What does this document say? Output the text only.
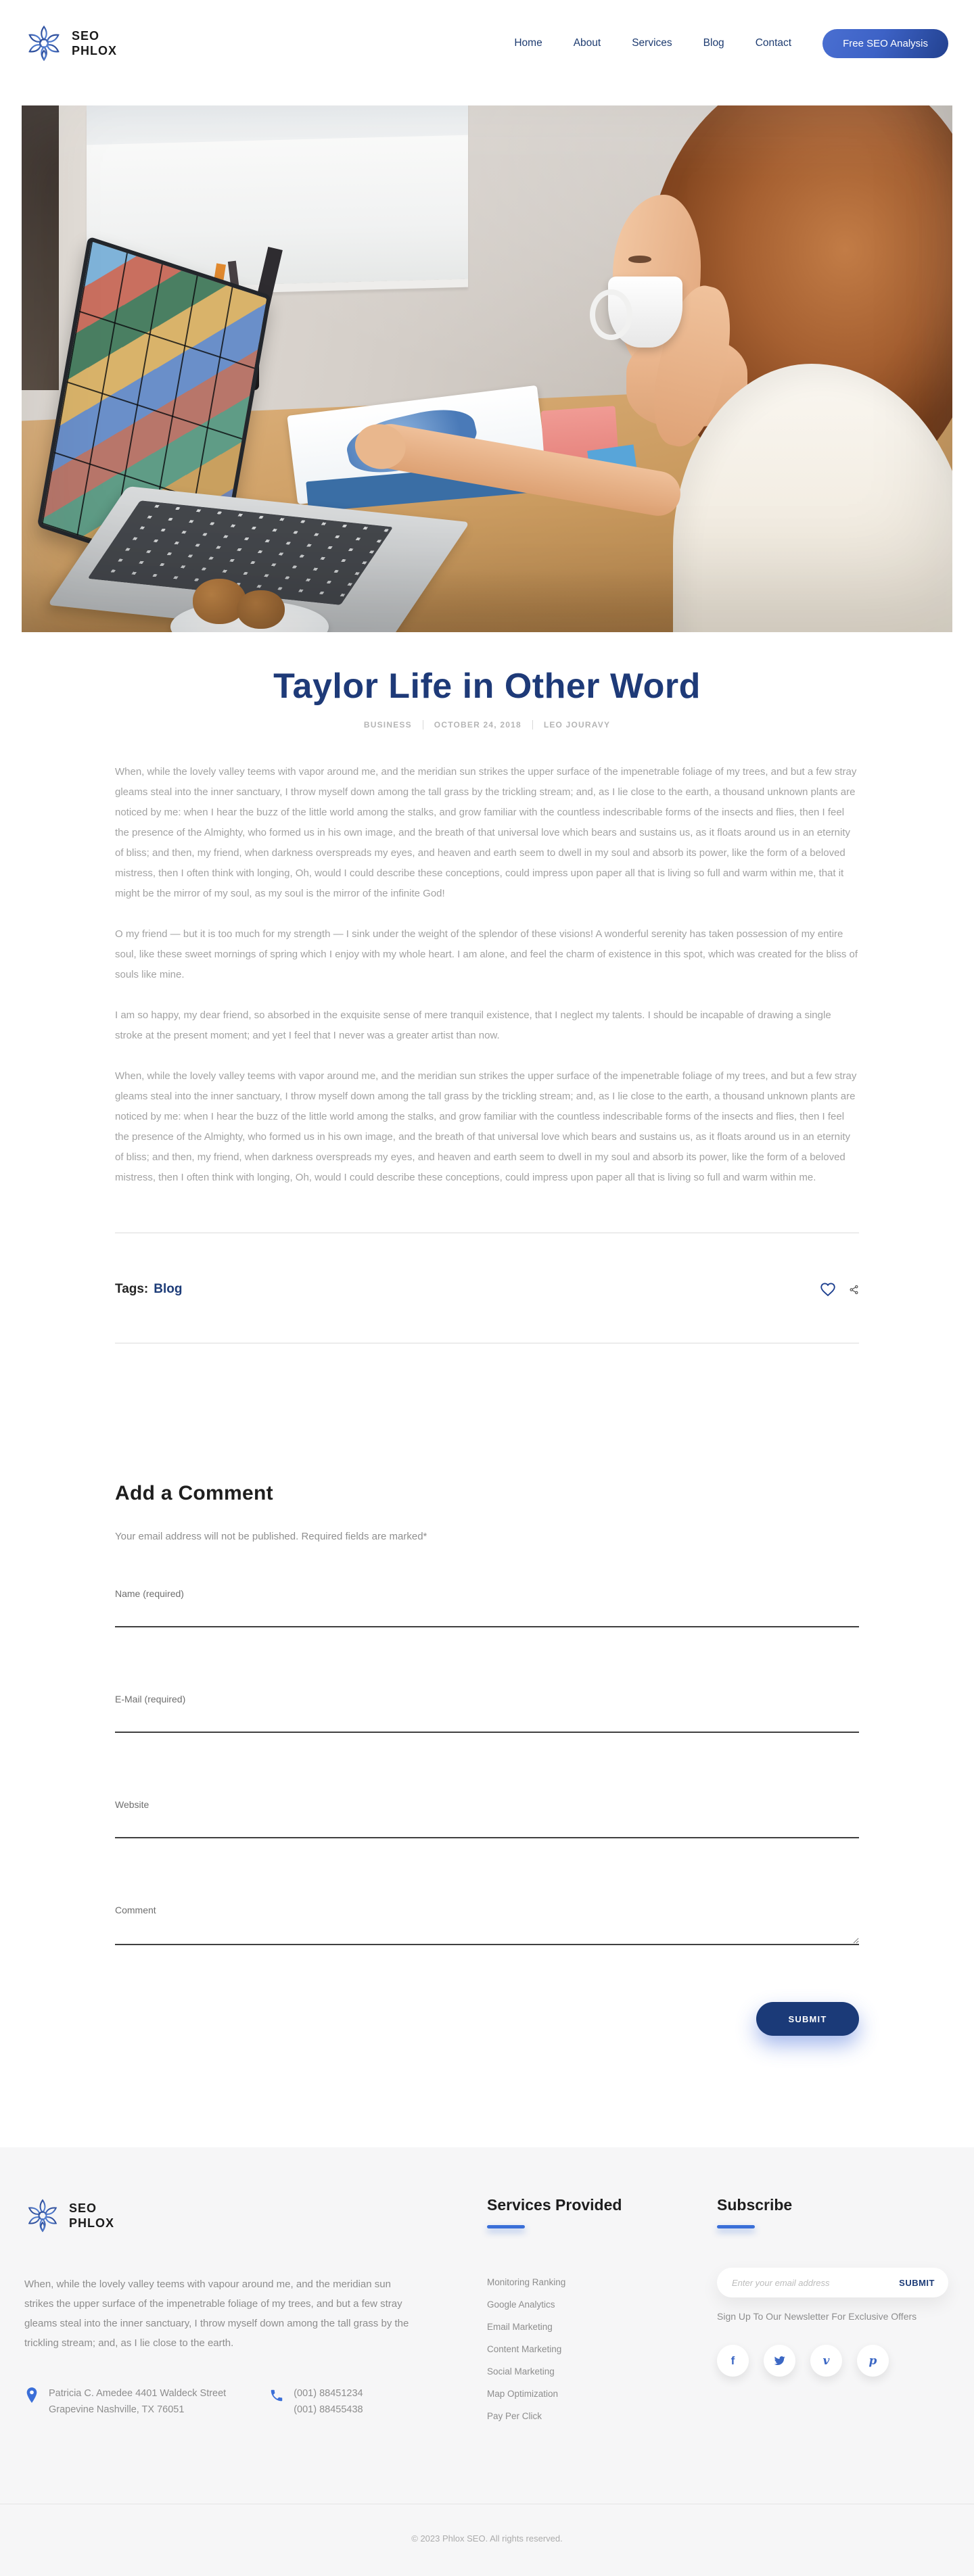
SEO
PHLOX
Home	About	Services	Blog	Contact	Free SEO Analysis
Taylor Life in Other Word
BUSINESS	OCTOBER 24, 2018	LEO JOURAVY

When, while the lovely valley teems with vapor around me, and the meridian sun strikes the upper surface of the impenetrable foliage of my trees, and but a few stray gleams steal into the inner sanctuary, I throw myself down among the tall grass by the trickling stream; and, as I lie close to the earth, a thousand unknown plants are noticed by me: when I hear the buzz of the little world among the stalks, and grow familiar with the countless indescribable forms of the insects and flies, then I feel the presence of the Almighty, who formed us in his own image, and the breath of that universal love which bears and sustains us, as it floats around us in an eternity of bliss; and then, my friend, when darkness overspreads my eyes, and heaven and earth seem to dwell in my soul and absorb its power, like the form of a beloved mistress, then I often think with longing, Oh, would I could describe these conceptions, could impress upon paper all that is living so full and warm within me, that it might be the mirror of my soul, as my soul is the mirror of the infinite God!

O my friend — but it is too much for my strength — I sink under the weight of the splendor of these visions! A wonderful serenity has taken possession of my entire soul, like these sweet mornings of spring which I enjoy with my whole heart. I am alone, and feel the charm of existence in this spot, which was created for the bliss of souls like mine.

I am so happy, my dear friend, so absorbed in the exquisite sense of mere tranquil existence, that I neglect my talents. I should be incapable of drawing a single stroke at the present moment; and yet I feel that I never was a greater artist than now.

When, while the lovely valley teems with vapor around me, and the meridian sun strikes the upper surface of the impenetrable foliage of my trees, and but a few stray gleams steal into the inner sanctuary, I throw myself down among the tall grass by the trickling stream; and, as I lie close to the earth, a thousand unknown plants are noticed by me: when I hear the buzz of the little world among the stalks, and grow familiar with the countless indescribable forms of the insects and flies, then I feel the presence of the Almighty, who formed us in his own image, and the breath of that universal love which bears and sustains us, as it floats around us in an eternity of bliss; and then, my friend, when darkness overspreads my eyes, and heaven and earth seem to dwell in my soul and absorb its power, like the form of a beloved mistress, then I often think with longing, Oh, would I could describe these conceptions, could impress upon paper all that is living so full and warm within me.

Tags: Blog
Add a Comment

Your email address will not be published. Required fields are marked*

Name (required)
E-Mail (required)
Website
Comment
SUBMIT
SEO
PHLOX

When, while the lovely valley teems with vapour around me, and the meridian sun strikes the upper surface of the impenetrable foliage of my trees, and but a few stray gleams steal into the inner sanctuary, I throw myself down among the tall grass by the trickling stream; and, as I lie close to the earth.

Patricia C. Amedee 4401 Waldeck Street
Grapevine Nashville, TX 76051
(001) 88451234
(001) 88455438
Services Provided
Monitoring Ranking
Google Analytics
Email Marketing
Content Marketing
Social Marketing
Map Optimization
Pay Per Click
Subscribe
Enter your email address
SUBMIT

Sign Up To Our Newsletter For Exclusive Offers

f	v	p
© 2023 Phlox SEO. All rights reserved.
